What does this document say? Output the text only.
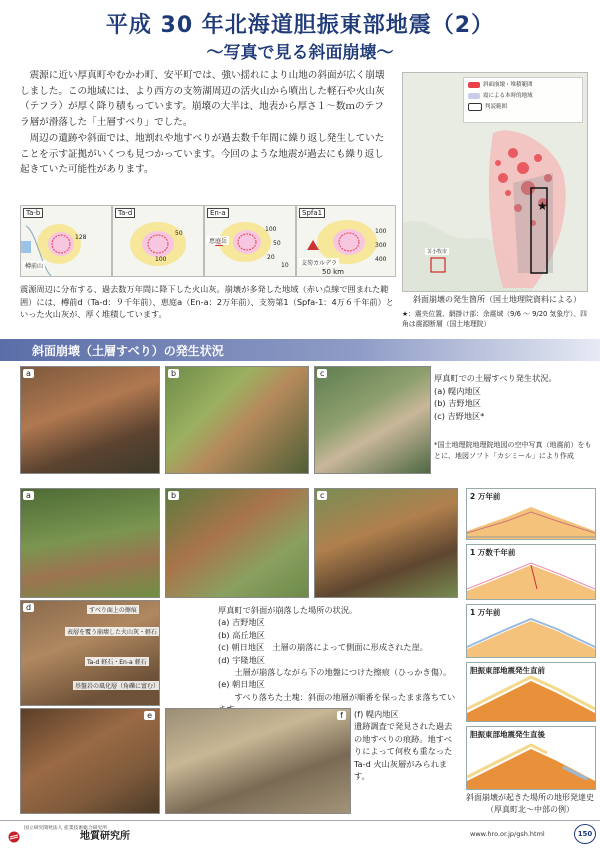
平成 30 年北海道胆振東部地震（2）
〜写真で見る斜面崩壊〜

震源に近い厚真町やむかわ町、安平町では、強い揺れにより山地の斜面が広く崩壊しました。この地域には、より西方の支笏湖周辺の活火山から噴出した軽石や火山灰（テフラ）が厚く降り積もっています。崩壊の大半は、地表から厚さ１～数ｍのテフラ層が滑落した「土層すべり」でした。

周辺の遺跡や斜面では、地割れや地すべりが過去数千年間に繰り返し発生していたことを示す証拠がいくつも見つかっています。今回のような地震が過去にも繰り返し起きていた可能性があります。

★
斜面崩壊・堆積範囲
震による本時的地域
判読範囲
苫小牧市
斜面崩壊の発生箇所（国土地理院資料による）
★：震央位置、網掛け部：余震域（9/6 〜 9/20 気象庁）、四角は震源断層（国土地理院）
Ta-b
樽前山
128
Ta-d
50
100
En-a
恵庭岳
100
50
20
10
Spfa1
支笏カルデラ
100
300
400
50 km
震源周辺に分布する、過去数万年間に降下した火山灰。崩壊が多発した地域（赤い点線で囲まれた範囲）には、樽前d（Ta-d：９千年前）、恵庭a（En-a：2万年前）、支笏第1（Spfa-1：4万６千年前）といった火山灰が、厚く堆積しています。
斜面崩壊（土層すべり）の発生状況
a	b	c	厚真町での土層すべり発生状況。
(a) 幌内地区
(b) 吉野地区
(c) 吉野地区*
*国土地理院地理院地図の空中写真（地震前）をもとに、地図ソフト「カシミール」により作成
a	b	c
d	すべり面上の擦痕
表層を覆う崩壊した火山灰・軽石
Ta-d 軽石・En-a 軽石
基盤岩の風化層（角礫に富む）
厚真町で斜面が崩落した場所の状況。
(a) 吉野地区
(b) 高丘地区
(c) 朝日地区　土層の崩落によって側面に形成された崖。
(d) 宇隆地区
　　土層が崩落しながら下の地盤につけた擦痕（ひっかき傷）。
(e) 朝日地区
　　すべり落ちた土塊：斜面の地層が順番を保ったまま落ちてい
e	f	(f) 幌内地区
遺跡調査で発見された過去の地すべりの痕跡。地すべりによって何枚も重なった Ta-d 火山灰層がみられます。
2 万年前
1 万数千年前
1 万年前
胆振東部地震発生直前
胆振東部地震発生直後
斜面崩壊が起きた場所の地形発達史（厚真町北〜中部の例）
国立研究開発法人 産業技術総合研究所
地質研究所	www.hro.or.jp/gsh.html	150
